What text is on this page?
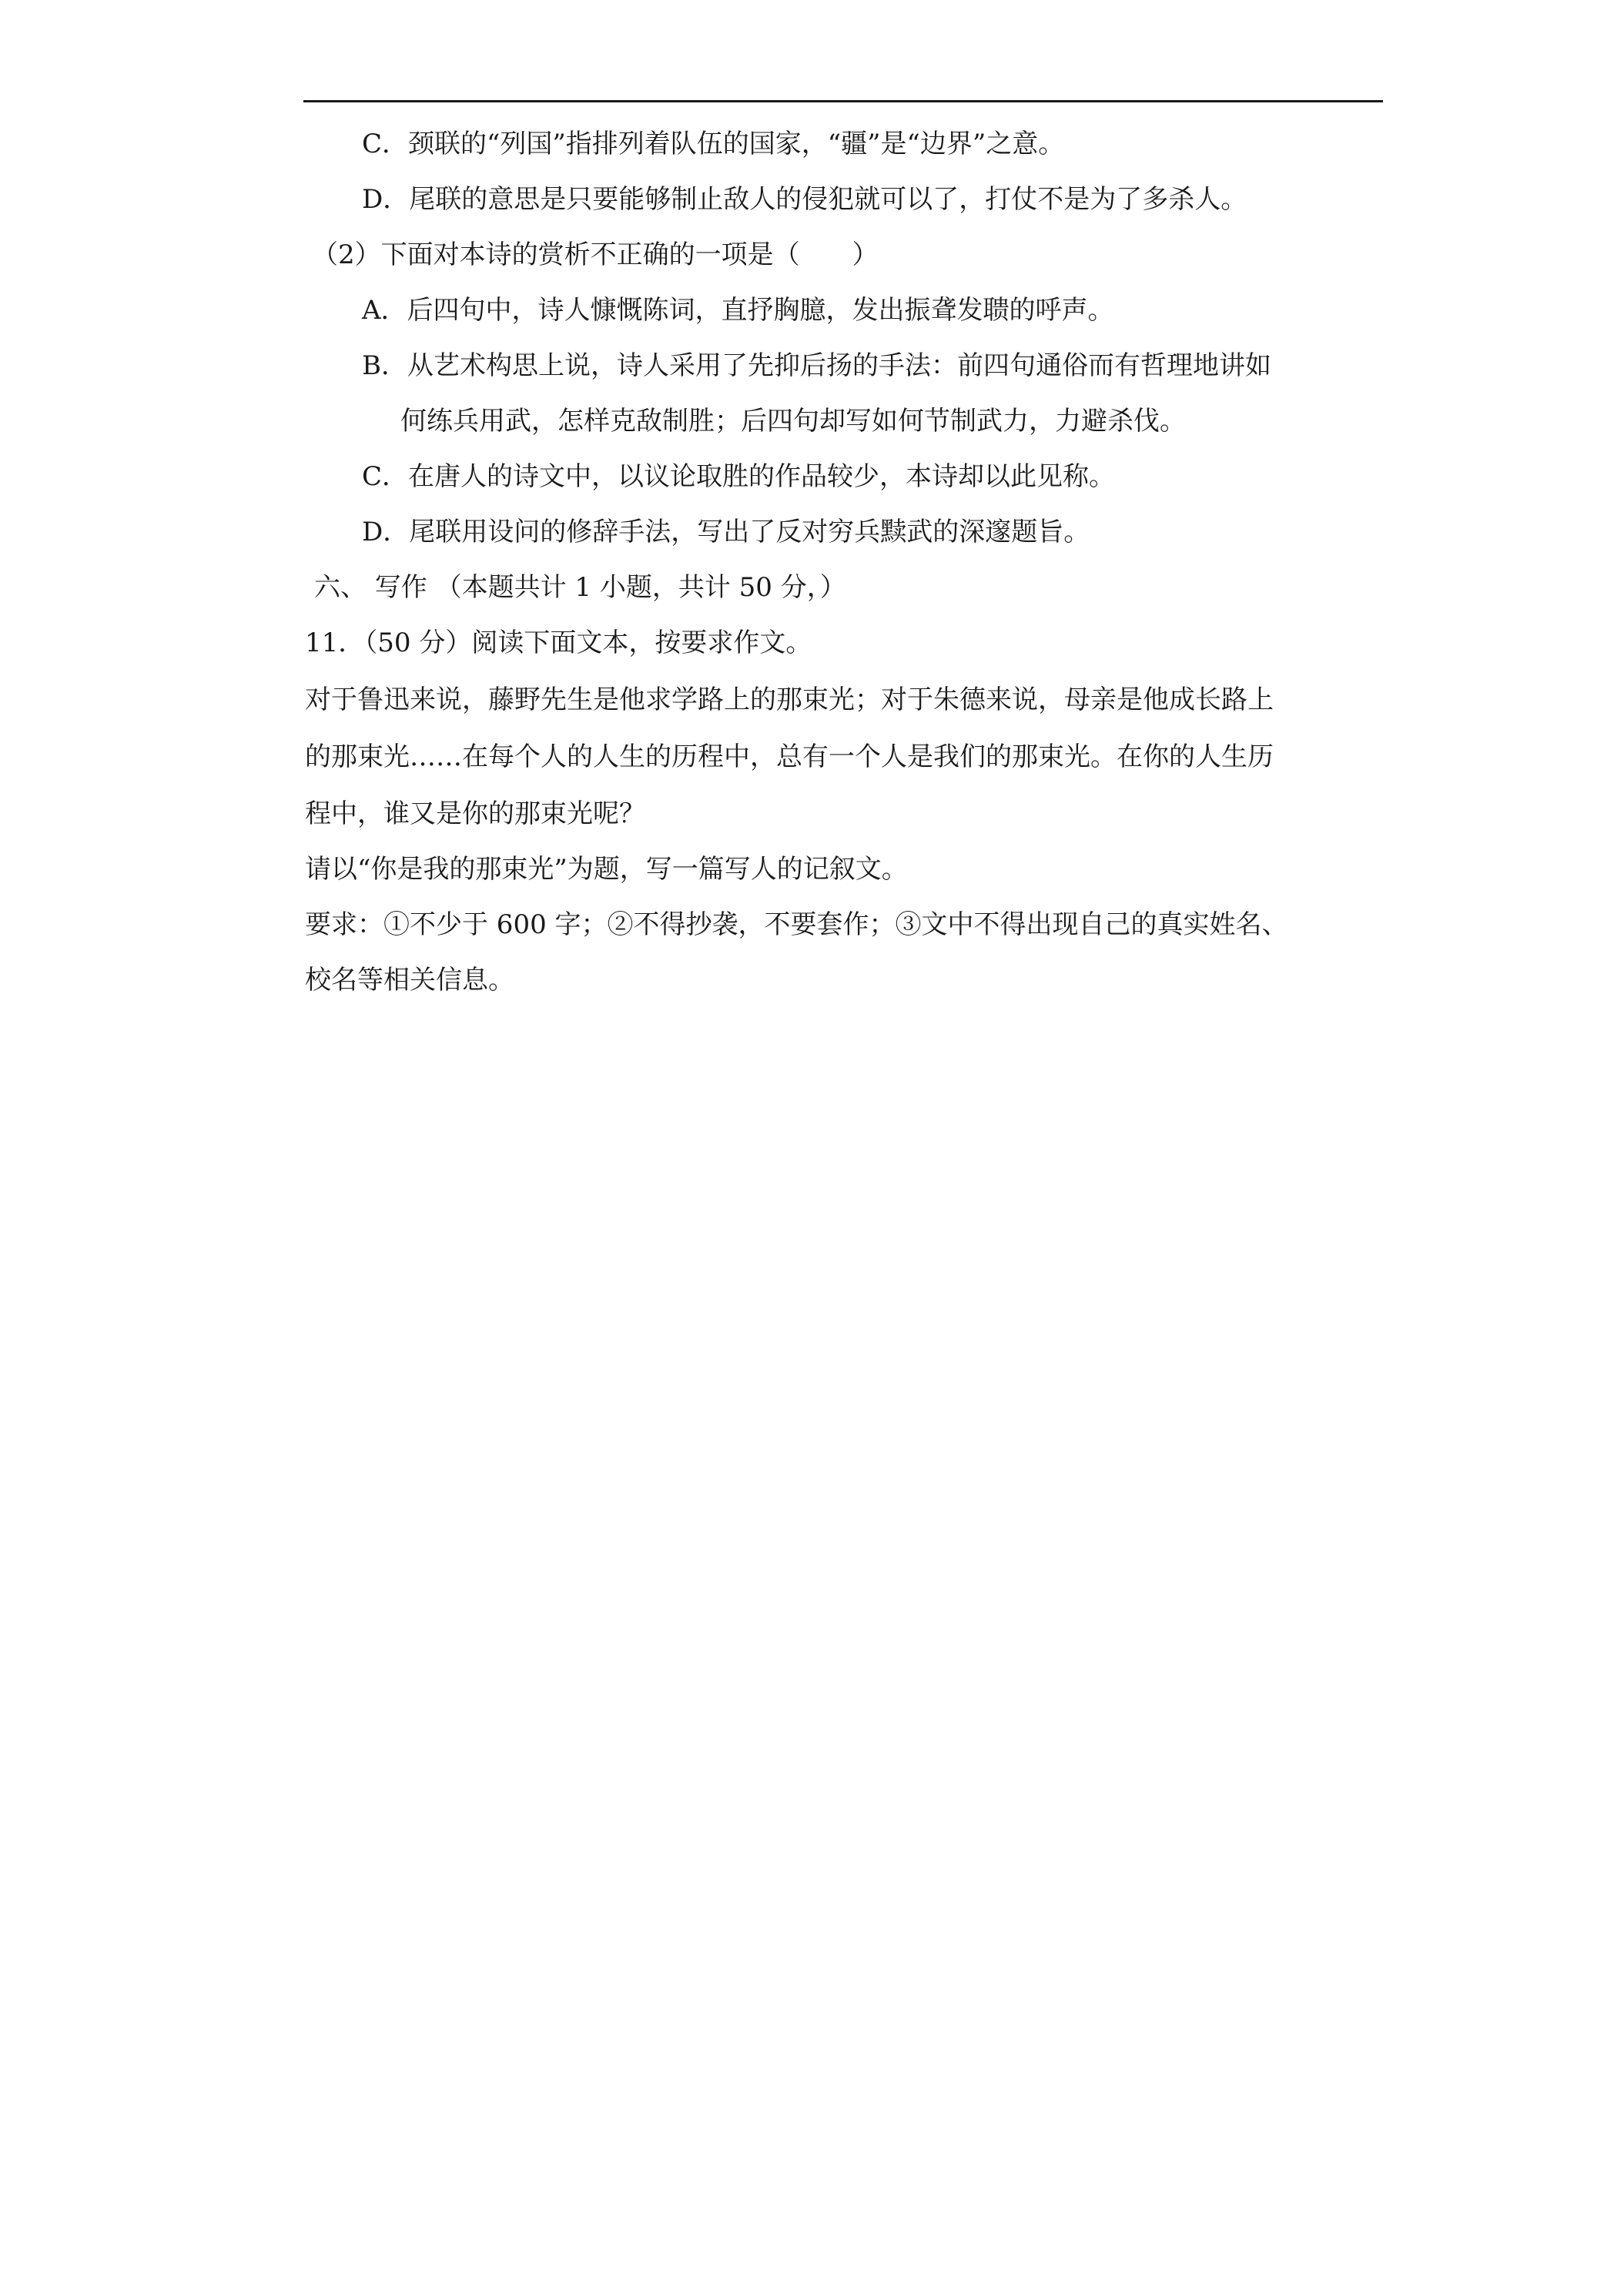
C．颈联的“列国”指排列着队伍的国家，“疆”是“边界”之意。
D．尾联的意思是只要能够制止敌人的侵犯就可以了，打仗不是为了多杀人。
（2）下面对本诗的赏析不正确的一项是（　　）
A．后四句中，诗人慷慨陈词，直抒胸臆，发出振聋发聩的呼声。
B．从艺术构思上说，诗人采用了先抑后扬的手法：前四句通俗而有哲理地讲如
何练兵用武，怎样克敌制胜；后四句却写如何节制武力，力避杀伐。
C．在唐人的诗文中，以议论取胜的作品较少，本诗却以此见称。
D．尾联用设问的修辞手法，写出了反对穷兵黩武的深邃题旨。
六、 写作 （本题共计 1 小题，共计 50 分，）
11．（50 分）阅读下面文本，按要求作文。
对于鲁迅来说，藤野先生是他求学路上的那束光；对于朱德来说，母亲是他成长路上
的那束光……在每个人的人生的历程中，总有一个人是我们的那束光。在你的人生历
程中，谁又是你的那束光呢？
请以“你是我的那束光”为题，写一篇写人的记叙文。
要求：①不少于 600 字；②不得抄袭，不要套作；③文中不得出现自己的真实姓名、
校名等相关信息。
